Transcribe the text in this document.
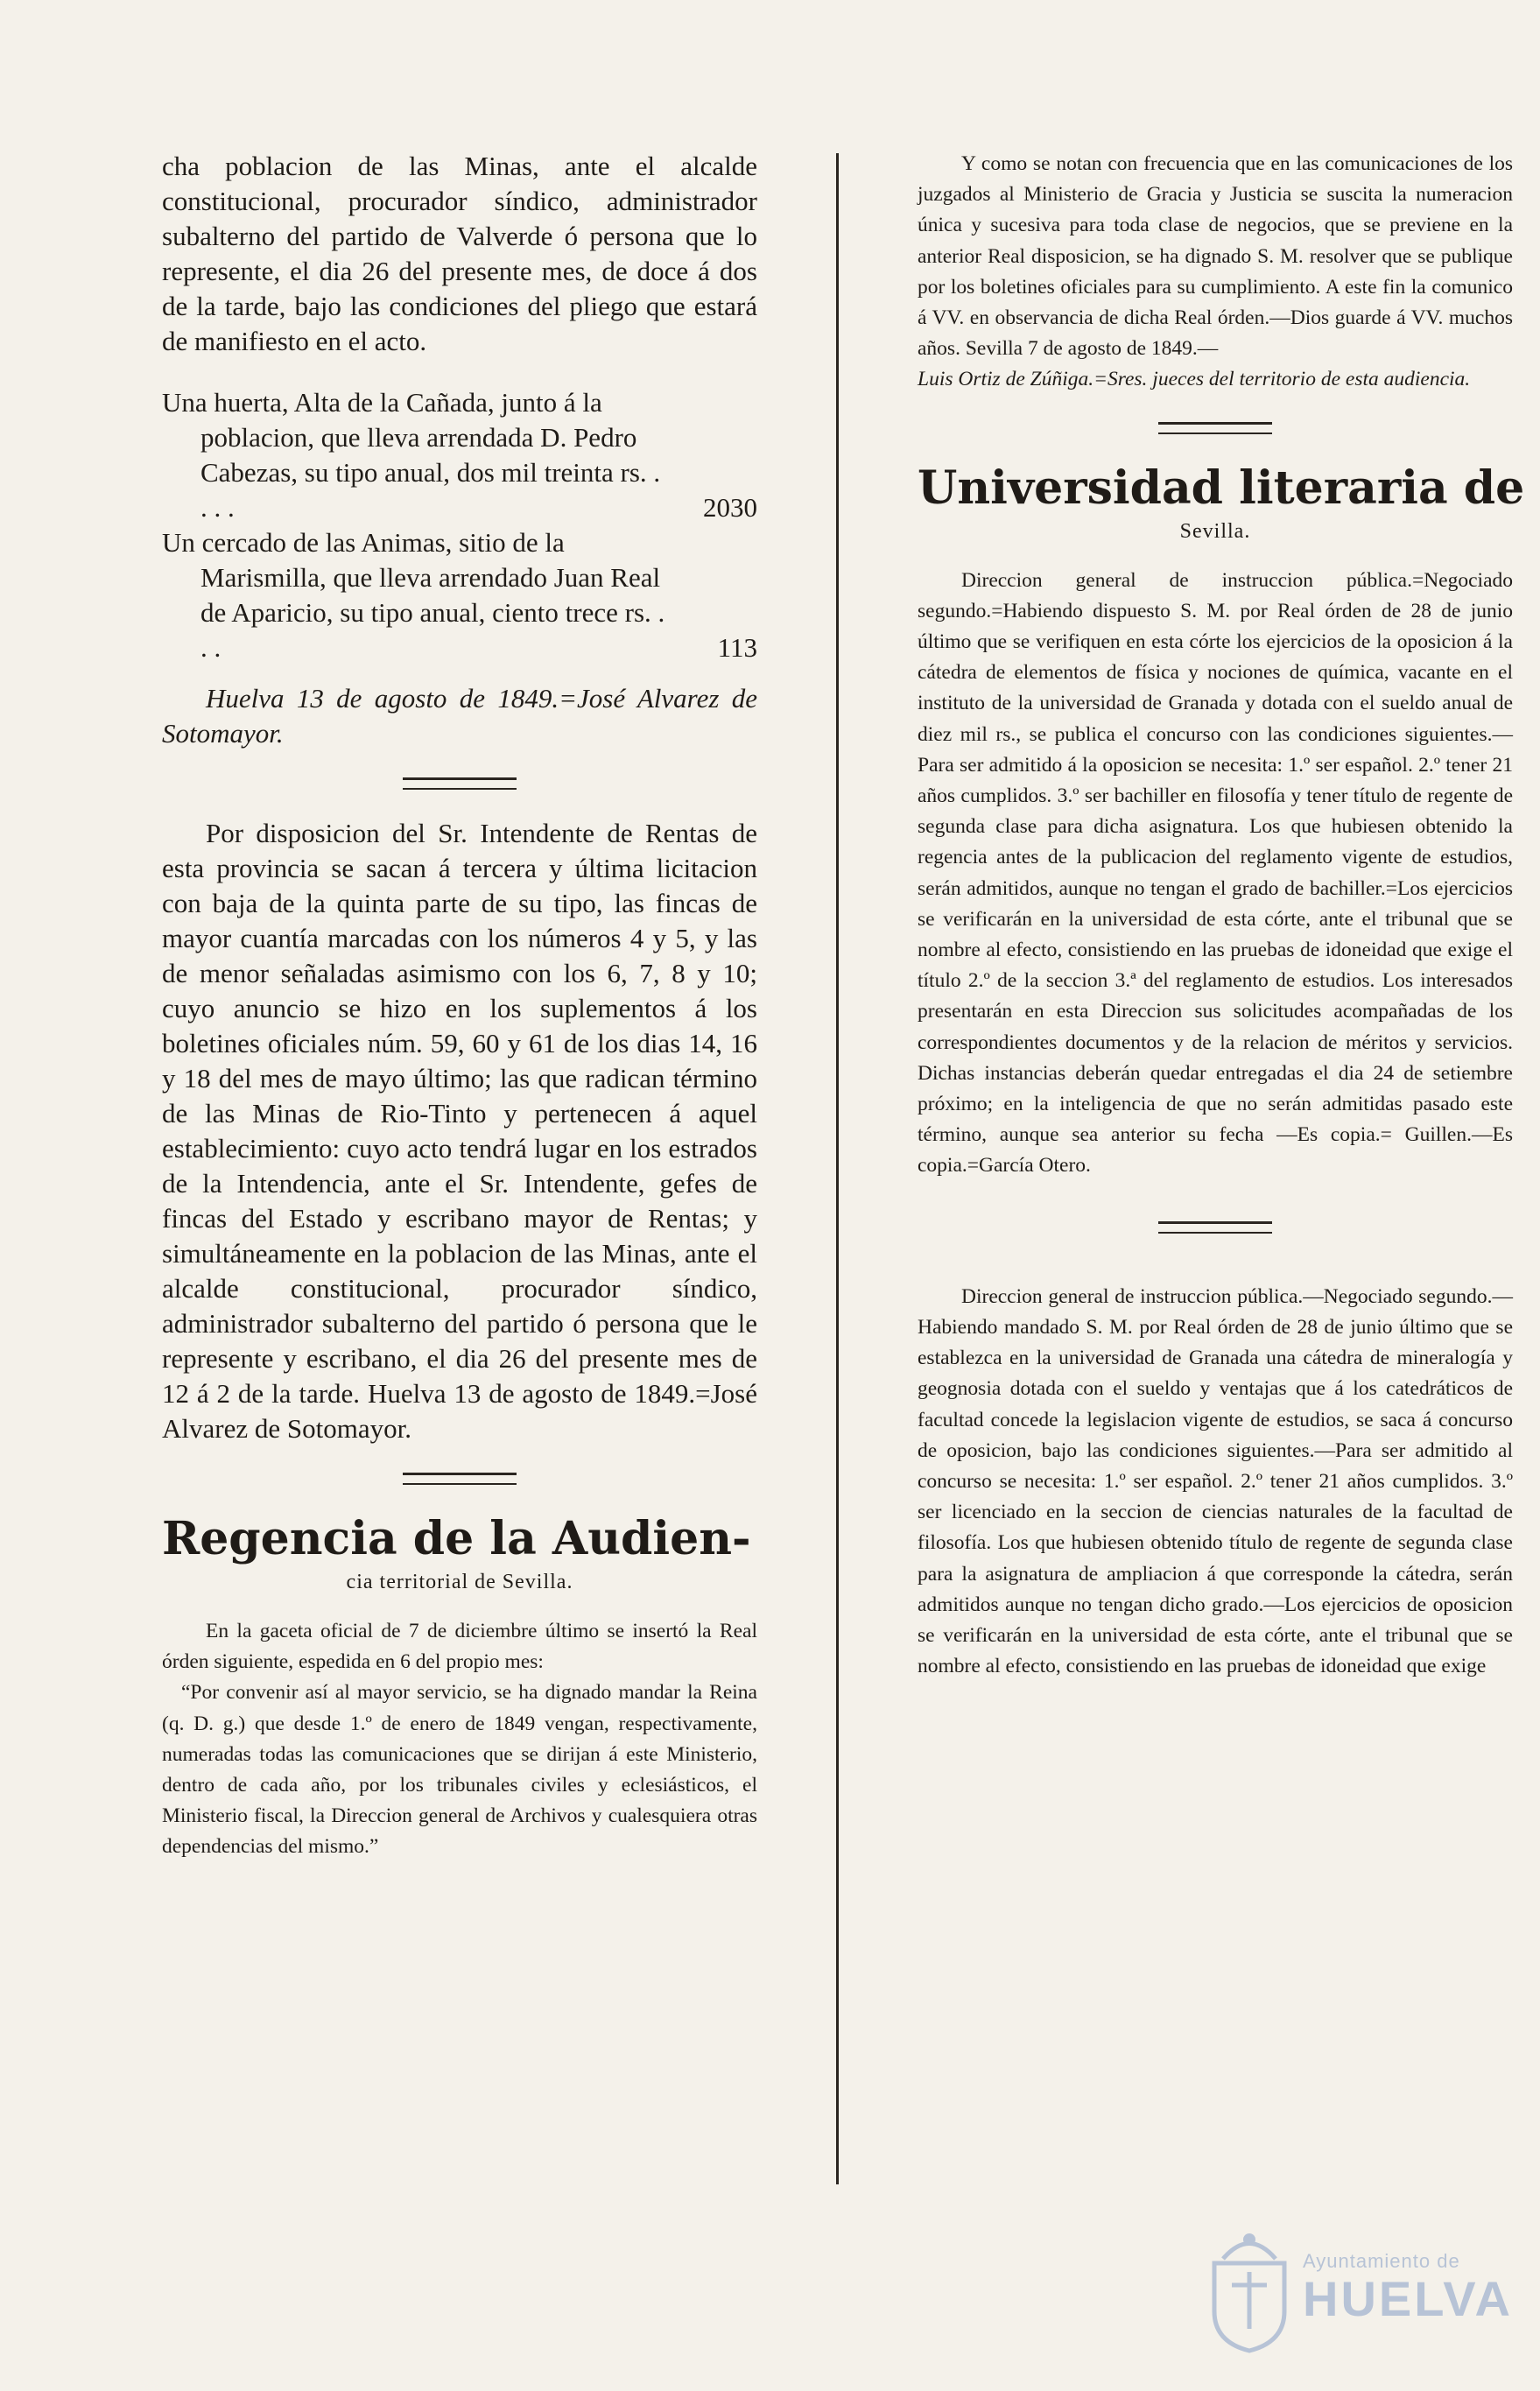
cha poblacion de las Minas, ante el alcalde constitucional, procurador síndico, administrador subalterno del partido de Valverde ó persona que lo represente, el dia 26 del presente mes, de doce á dos de la tarde, bajo las condiciones del pliego que estará de manifiesto en el acto.

Una huerta, Alta de la Cañada, junto á la poblacion, que lleva arrendada D. Pedro Cabezas, su tipo anual, dos mil treinta rs. . . . .	2030
Un cercado de las Animas, sitio de la Marismilla, que lleva arrendado Juan Real de Aparicio, su tipo anual, ciento trece rs. . . .	113

Huelva 13 de agosto de 1849.=José Alvarez de Sotomayor.

Por disposicion del Sr. Intendente de Rentas de esta provincia se sacan á tercera y última licitacion con baja de la quinta parte de su tipo, las fincas de mayor cuantía marcadas con los números 4 y 5, y las de menor señaladas asimismo con los 6, 7, 8 y 10; cuyo anuncio se hizo en los suplementos á los boletines oficiales núm. 59, 60 y 61 de los dias 14, 16 y 18 del mes de mayo último; las que radican término de las Minas de Rio-Tinto y pertenecen á aquel establecimiento: cuyo acto tendrá lugar en los estrados de la Intendencia, ante el Sr. Intendente, gefes de fincas del Estado y escribano mayor de Rentas; y simultáneamente en la poblacion de las Minas, ante el alcalde constitucional, procurador síndico, administrador subalterno del partido ó persona que le represente y escribano, el dia 26 del presente mes de 12 á 2 de la tarde. Huelva 13 de agosto de 1849.=José Alvarez de Sotomayor.

Regencia de la Audien-
cia territorial de Sevilla.

En la gaceta oficial de 7 de diciembre último se insertó la Real órden siguiente, espedida en 6 del propio mes:

“Por convenir así al mayor servicio, se ha dignado mandar la Reina (q. D. g.) que desde 1.º de enero de 1849 vengan, respectivamente, numeradas todas las comunicaciones que se dirijan á este Ministerio, dentro de cada año, por los tribunales civiles y eclesiásticos, el Ministerio fiscal, la Direccion general de Archivos y cualesquiera otras dependencias del mismo.”

Y como se notan con frecuencia que en las comunicaciones de los juzgados al Ministerio de Gracia y Justicia se suscita la numeracion única y sucesiva para toda clase de negocios, que se previene en la anterior Real disposicion, se ha dignado S. M. resolver que se publique por los boletines oficiales para su cumplimiento. A este fin la comunico á VV. en observancia de dicha Real órden.—Dios guarde á VV. muchos años. Sevilla 7 de agosto de 1849.—

Luis Ortiz de Zúñiga.=Sres. jueces del territorio de esta audiencia.

Universidad literaria de
Sevilla.

Direccion general de instruccion pública.=Negociado segundo.=Habiendo dispuesto S. M. por Real órden de 28 de junio último que se verifiquen en esta córte los ejercicios de la oposicion á la cátedra de elementos de física y nociones de química, vacante en el instituto de la universidad de Granada y dotada con el sueldo anual de diez mil rs., se publica el concurso con las condiciones siguientes.—Para ser admitido á la oposicion se necesita: 1.º ser español. 2.º tener 21 años cumplidos. 3.º ser bachiller en filosofía y tener título de regente de segunda clase para dicha asignatura. Los que hubiesen obtenido la regencia antes de la publicacion del reglamento vigente de estudios, serán admitidos, aunque no tengan el grado de bachiller.=Los ejercicios se verificarán en la universidad de esta córte, ante el tribunal que se nombre al efecto, consistiendo en las pruebas de idoneidad que exige el título 2.º de la seccion 3.ª del reglamento de estudios. Los interesados presentarán en esta Direccion sus solicitudes acompañadas de los correspondientes documentos y de la relacion de méritos y servicios. Dichas instancias deberán quedar entregadas el dia 24 de setiembre próximo; en la inteligencia de que no serán admitidas pasado este término, aunque sea anterior su fecha —Es copia.= Guillen.—Es copia.=García Otero.

Direccion general de instruccion pública.—Negociado segundo.—Habiendo mandado S. M. por Real órden de 28 de junio último que se establezca en la universidad de Granada una cátedra de mineralogía y geognosia dotada con el sueldo y ventajas que á los catedráticos de facultad concede la legislacion vigente de estudios, se saca á concurso de oposicion, bajo las condiciones siguientes.—Para ser admitido al concurso se necesita: 1.º ser español. 2.º tener 21 años cumplidos. 3.º ser licenciado en la seccion de ciencias naturales de la facultad de filosofía. Los que hubiesen obtenido título de regente de segunda clase para la asignatura de ampliacion á que corresponde la cátedra, serán admitidos aunque no tengan dicho grado.—Los ejercicios de oposicion se verificarán en la universidad de esta córte, ante el tribunal que se nombre al efecto, consistiendo en las pruebas de idoneidad que exige

Ayuntamiento de
HUELVA
